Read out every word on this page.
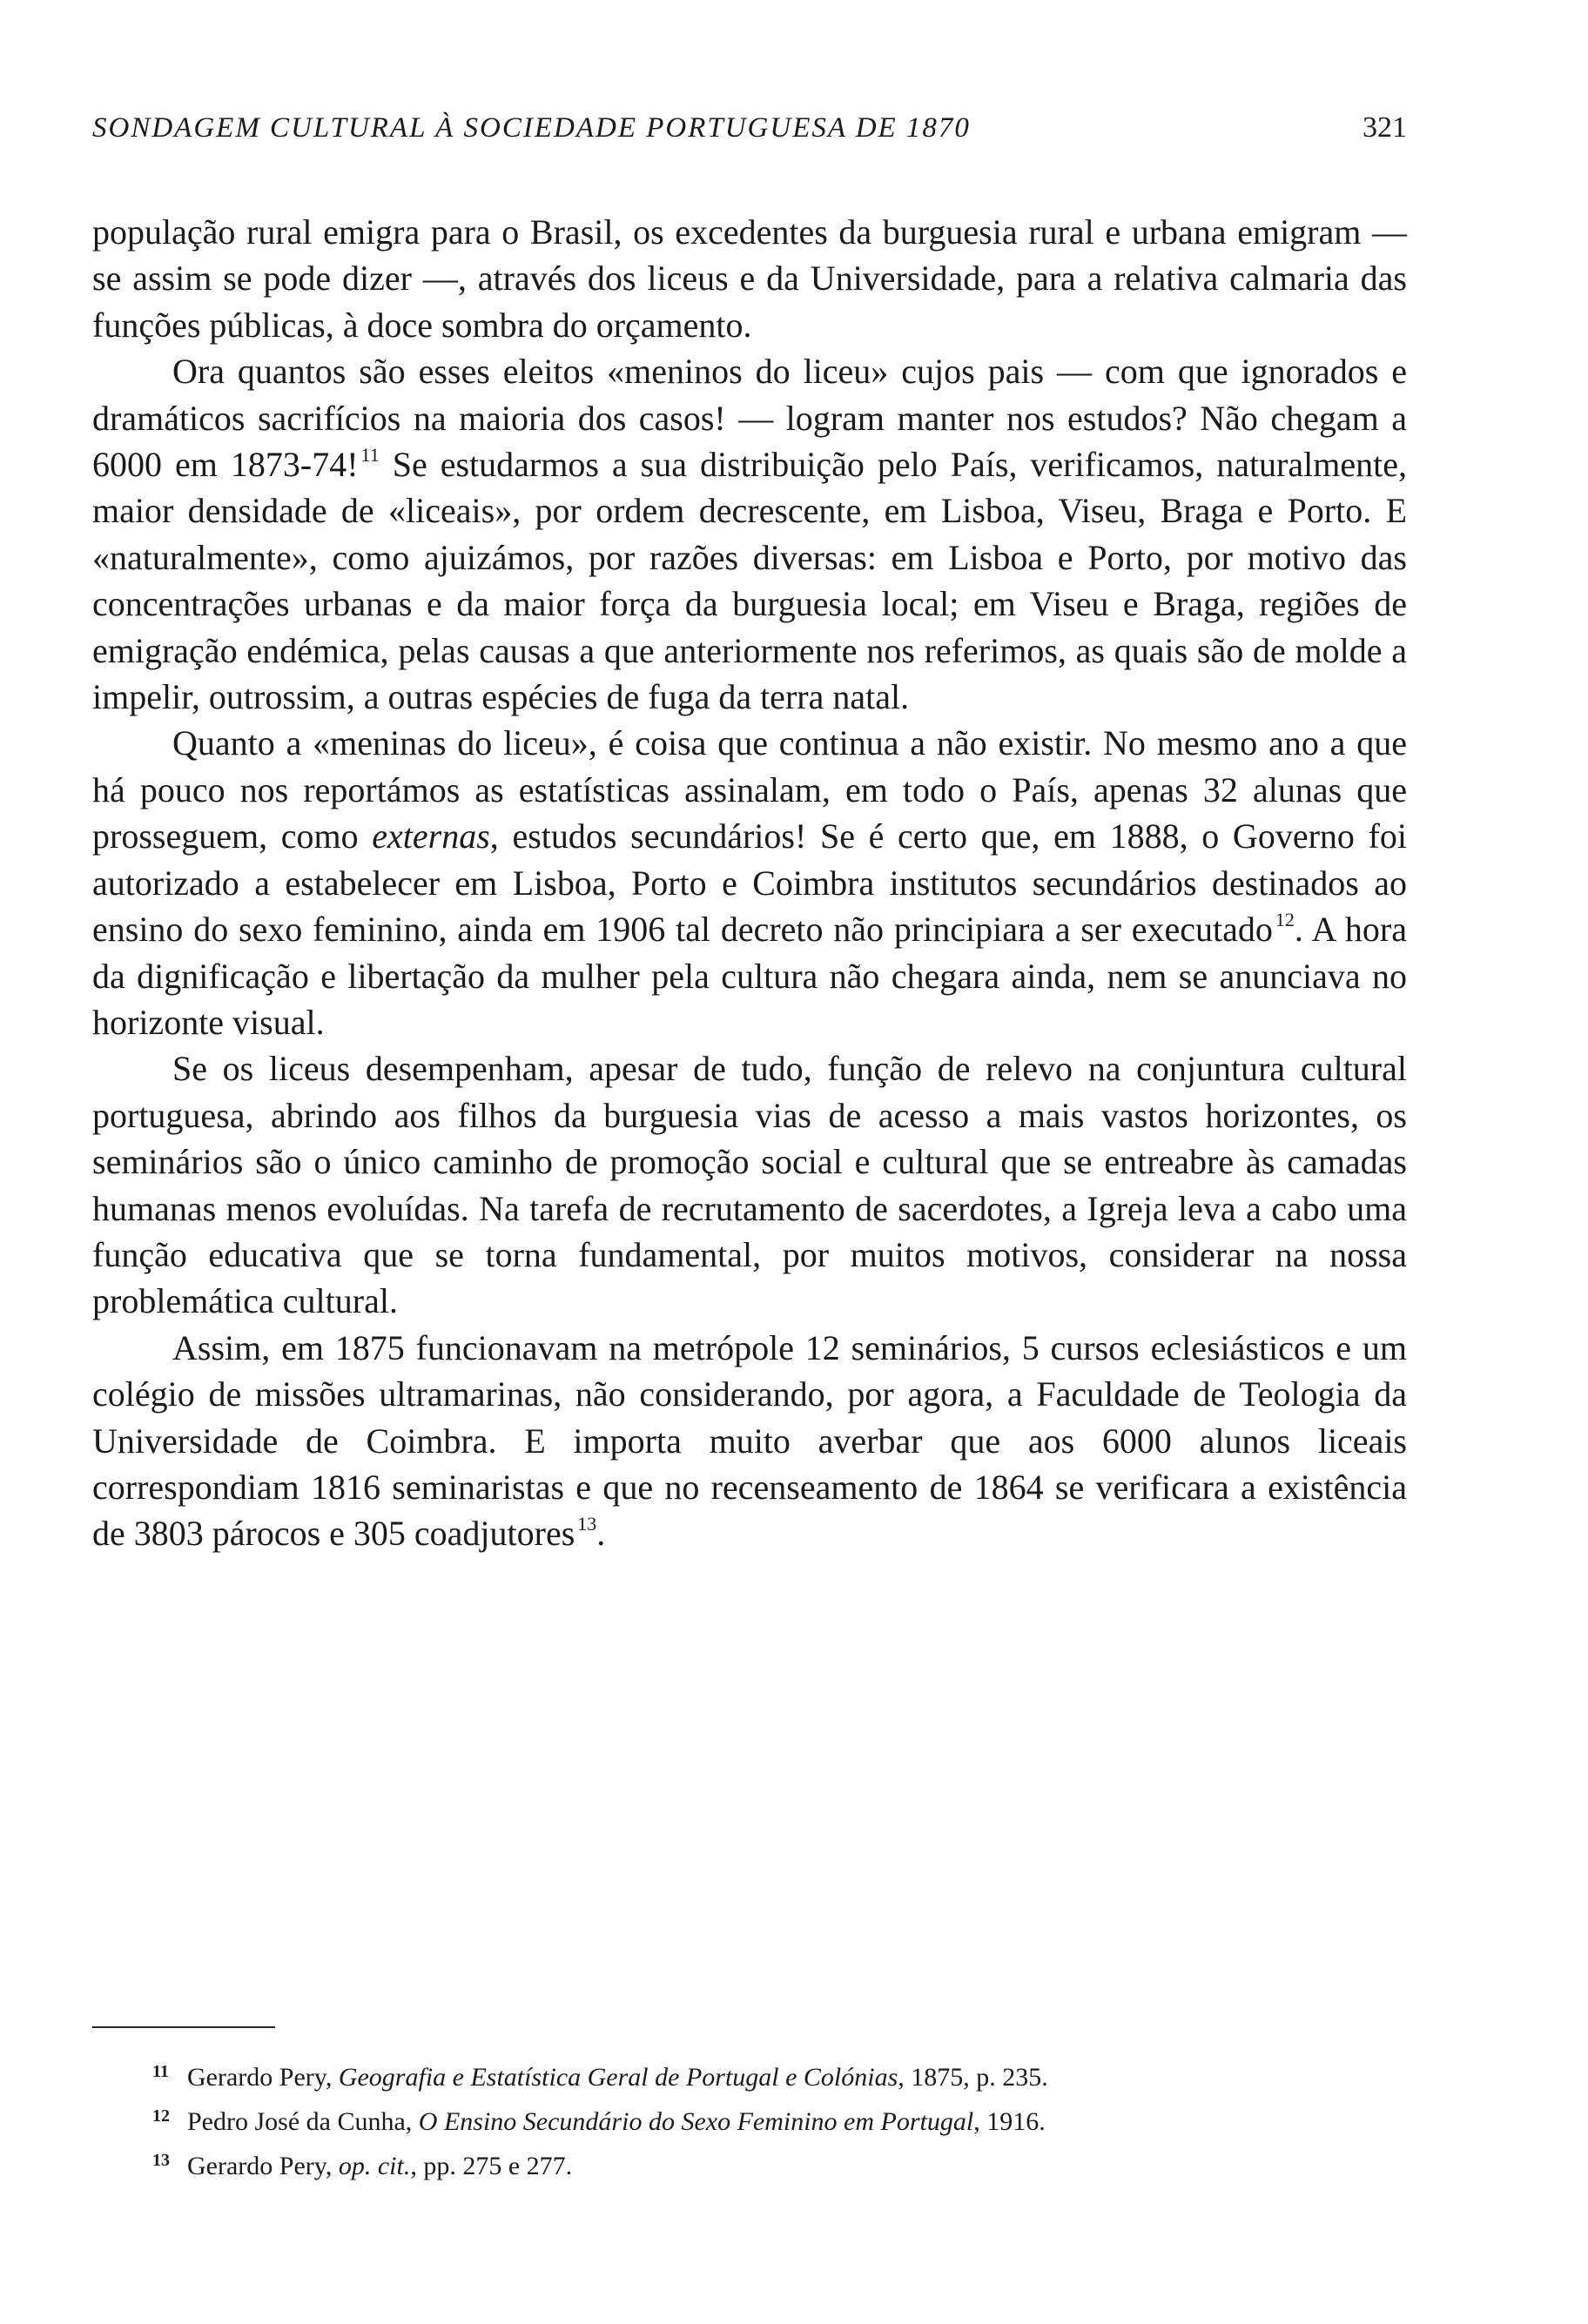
SONDAGEM CULTURAL À SOCIEDADE PORTUGUESA DE 1870	321

população rural emigra para o Brasil, os excedentes da burguesia rural e urbana emigram — se assim se pode dizer —, através dos liceus e da Universidade, para a relativa calmaria das funções públicas, à doce sombra do orçamento.

Ora quantos são esses eleitos «meninos do liceu» cujos pais — com que ignorados e dramáticos sacrifícios na maioria dos casos! — logram manter nos estudos? Não chegam a 6000 em 1873-74! $^{11}$ Se estudarmos a sua distribuição pelo País, verificamos, naturalmente, maior densidade de «liceais», por ordem decrescente, em Lisboa, Viseu, Braga e Porto. E «naturalmente», como ajuizámos, por razões diversas: em Lisboa e Porto, por motivo das concentrações urbanas e da maior força da burguesia local; em Viseu e Braga, regiões de emigração endémica, pelas causas a que anteriormente nos referimos, as quais são de molde a impelir, outrossim, a outras espécies de fuga da terra natal.

Quanto a «meninas do liceu», é coisa que continua a não existir. No mesmo ano a que há pouco nos reportámos as estatísticas assinalam, em todo o País, apenas 32 alunas que prosseguem, como externas, estudos secundários! Se é certo que, em 1888, o Governo foi autorizado a estabelecer em Lisboa, Porto e Coimbra institutos secundários destinados ao ensino do sexo feminino, ainda em 1906 tal decreto não principiara a ser executado $^{12}$. A hora da dignificação e libertação da mulher pela cultura não chegara ainda, nem se anunciava no horizonte visual.

Se os liceus desempenham, apesar de tudo, função de relevo na conjuntura cultural portuguesa, abrindo aos filhos da burguesia vias de acesso a mais vastos horizontes, os seminários são o único caminho de promoção social e cultural que se entreabre às camadas humanas menos evoluídas. Na tarefa de recrutamento de sacerdotes, a Igreja leva a cabo uma função educativa que se torna fundamental, por muitos motivos, considerar na nossa problemática cultural.

Assim, em 1875 funcionavam na metrópole 12 seminários, 5 cursos eclesiásticos e um colégio de missões ultramarinas, não considerando, por agora, a Faculdade de Teologia da Universidade de Coimbra. E importa muito averbar que aos 6000 alunos liceais correspondiam 1816 seminaristas e que no recenseamento de 1864 se verificara a existência de 3803 párocos e 305 coadjutores $^{13}$.

11 Gerardo Pery, Geografia e Estatística Geral de Portugal e Colónias, 1875, p. 235.
12 Pedro José da Cunha, O Ensino Secundário do Sexo Feminino em Portugal, 1916.
13 Gerardo Pery, op. cit., pp. 275 e 277.
